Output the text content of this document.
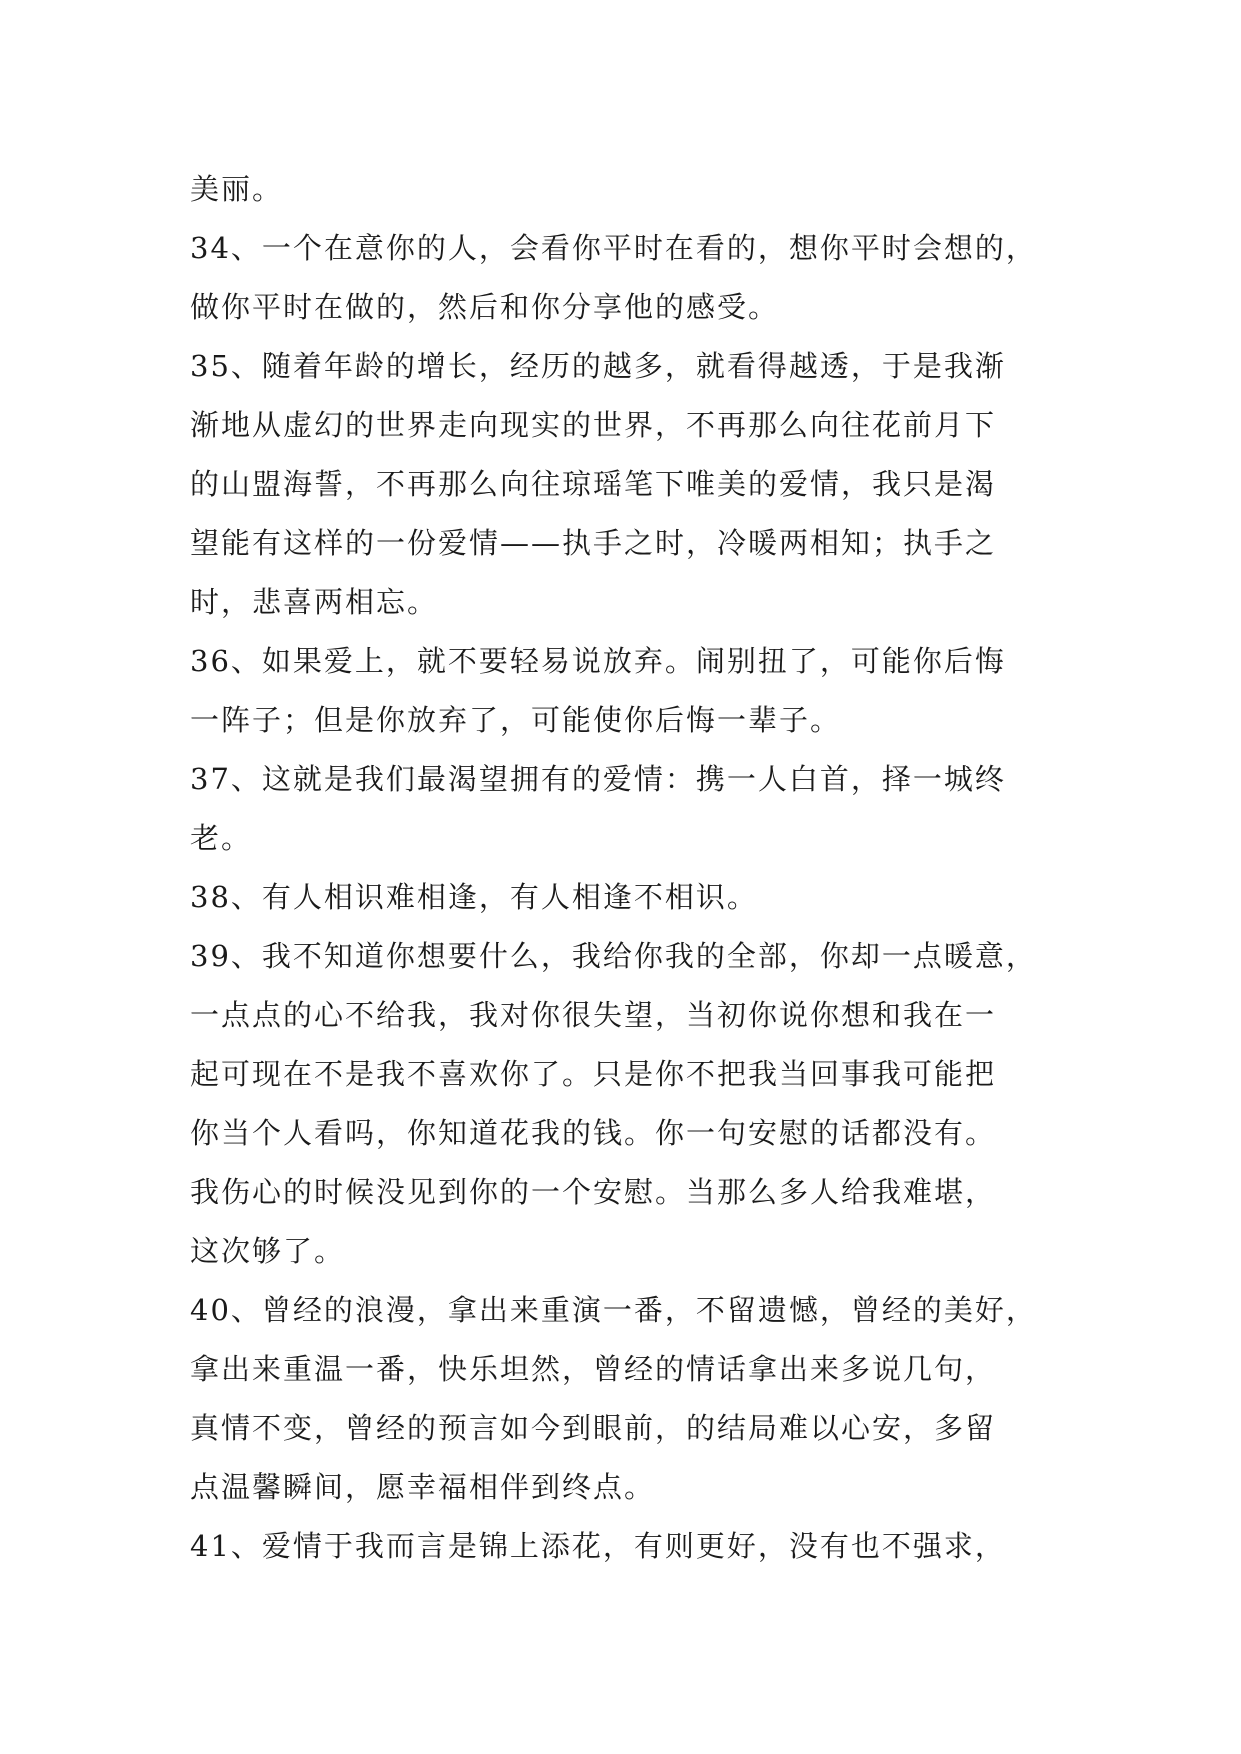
美丽。
34、一个在意你的人，会看你平时在看的，想你平时会想的，
做你平时在做的，然后和你分享他的感受。
35、随着年龄的增长，经历的越多，就看得越透，于是我渐
渐地从虚幻的世界走向现实的世界，不再那么向往花前月下
的山盟海誓，不再那么向往琼瑶笔下唯美的爱情，我只是渴
望能有这样的一份爱情——执手之时，冷暖两相知；执手之
时，悲喜两相忘。
36、如果爱上，就不要轻易说放弃。闹别扭了，可能你后悔
一阵子；但是你放弃了，可能使你后悔一辈子。
37、这就是我们最渴望拥有的爱情：携一人白首，择一城终
老。
38、有人相识难相逢，有人相逢不相识。
39、我不知道你想要什么，我给你我的全部，你却一点暖意，
一点点的心不给我，我对你很失望，当初你说你想和我在一
起可现在不是我不喜欢你了。只是你不把我当回事我可能把
你当个人看吗，你知道花我的钱。你一句安慰的话都没有。
我伤心的时候没见到你的一个安慰。当那么多人给我难堪，
这次够了。
40、曾经的浪漫，拿出来重演一番，不留遗憾，曾经的美好，
拿出来重温一番，快乐坦然，曾经的情话拿出来多说几句，
真情不变，曾经的预言如今到眼前，的结局难以心安，多留
点温馨瞬间，愿幸福相伴到终点。
41、爱情于我而言是锦上添花，有则更好，没有也不强求，
